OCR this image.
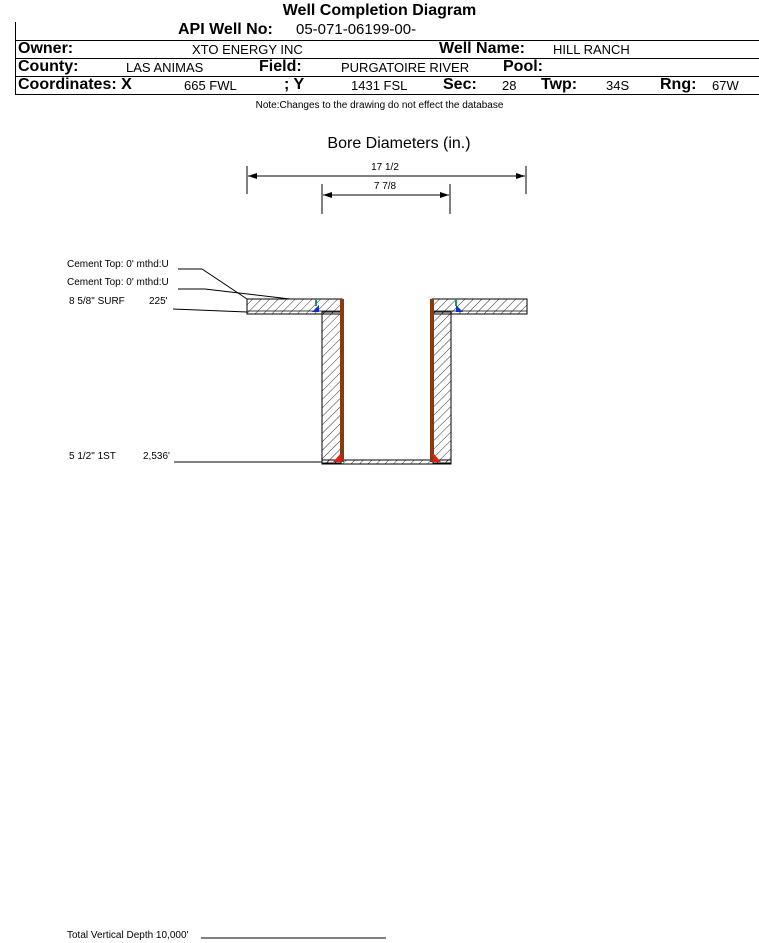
Well Completion Diagram
API Well No: 05-071-06199-00-
Owner:	XTO ENERGY INC	Well Name: HILL RANCH
County:	LAS ANIMAS	Field:	PURGATOIRE RIVER Pool:
Coordinates: X	665 FWL	; Y	1431 FSL Sec: 28 Twp: 34S Rng: 67W
Note:Changes to the drawing do not effect the database
Bore Diameters (in.)
17 1/2
7 7/8
Cement Top: 0' mthd:U
Cement Top: 0' mthd:U
8 5/8" SURF 225'
5 1/2" 1ST	2,536'
Total Vertical Depth 10,000'
